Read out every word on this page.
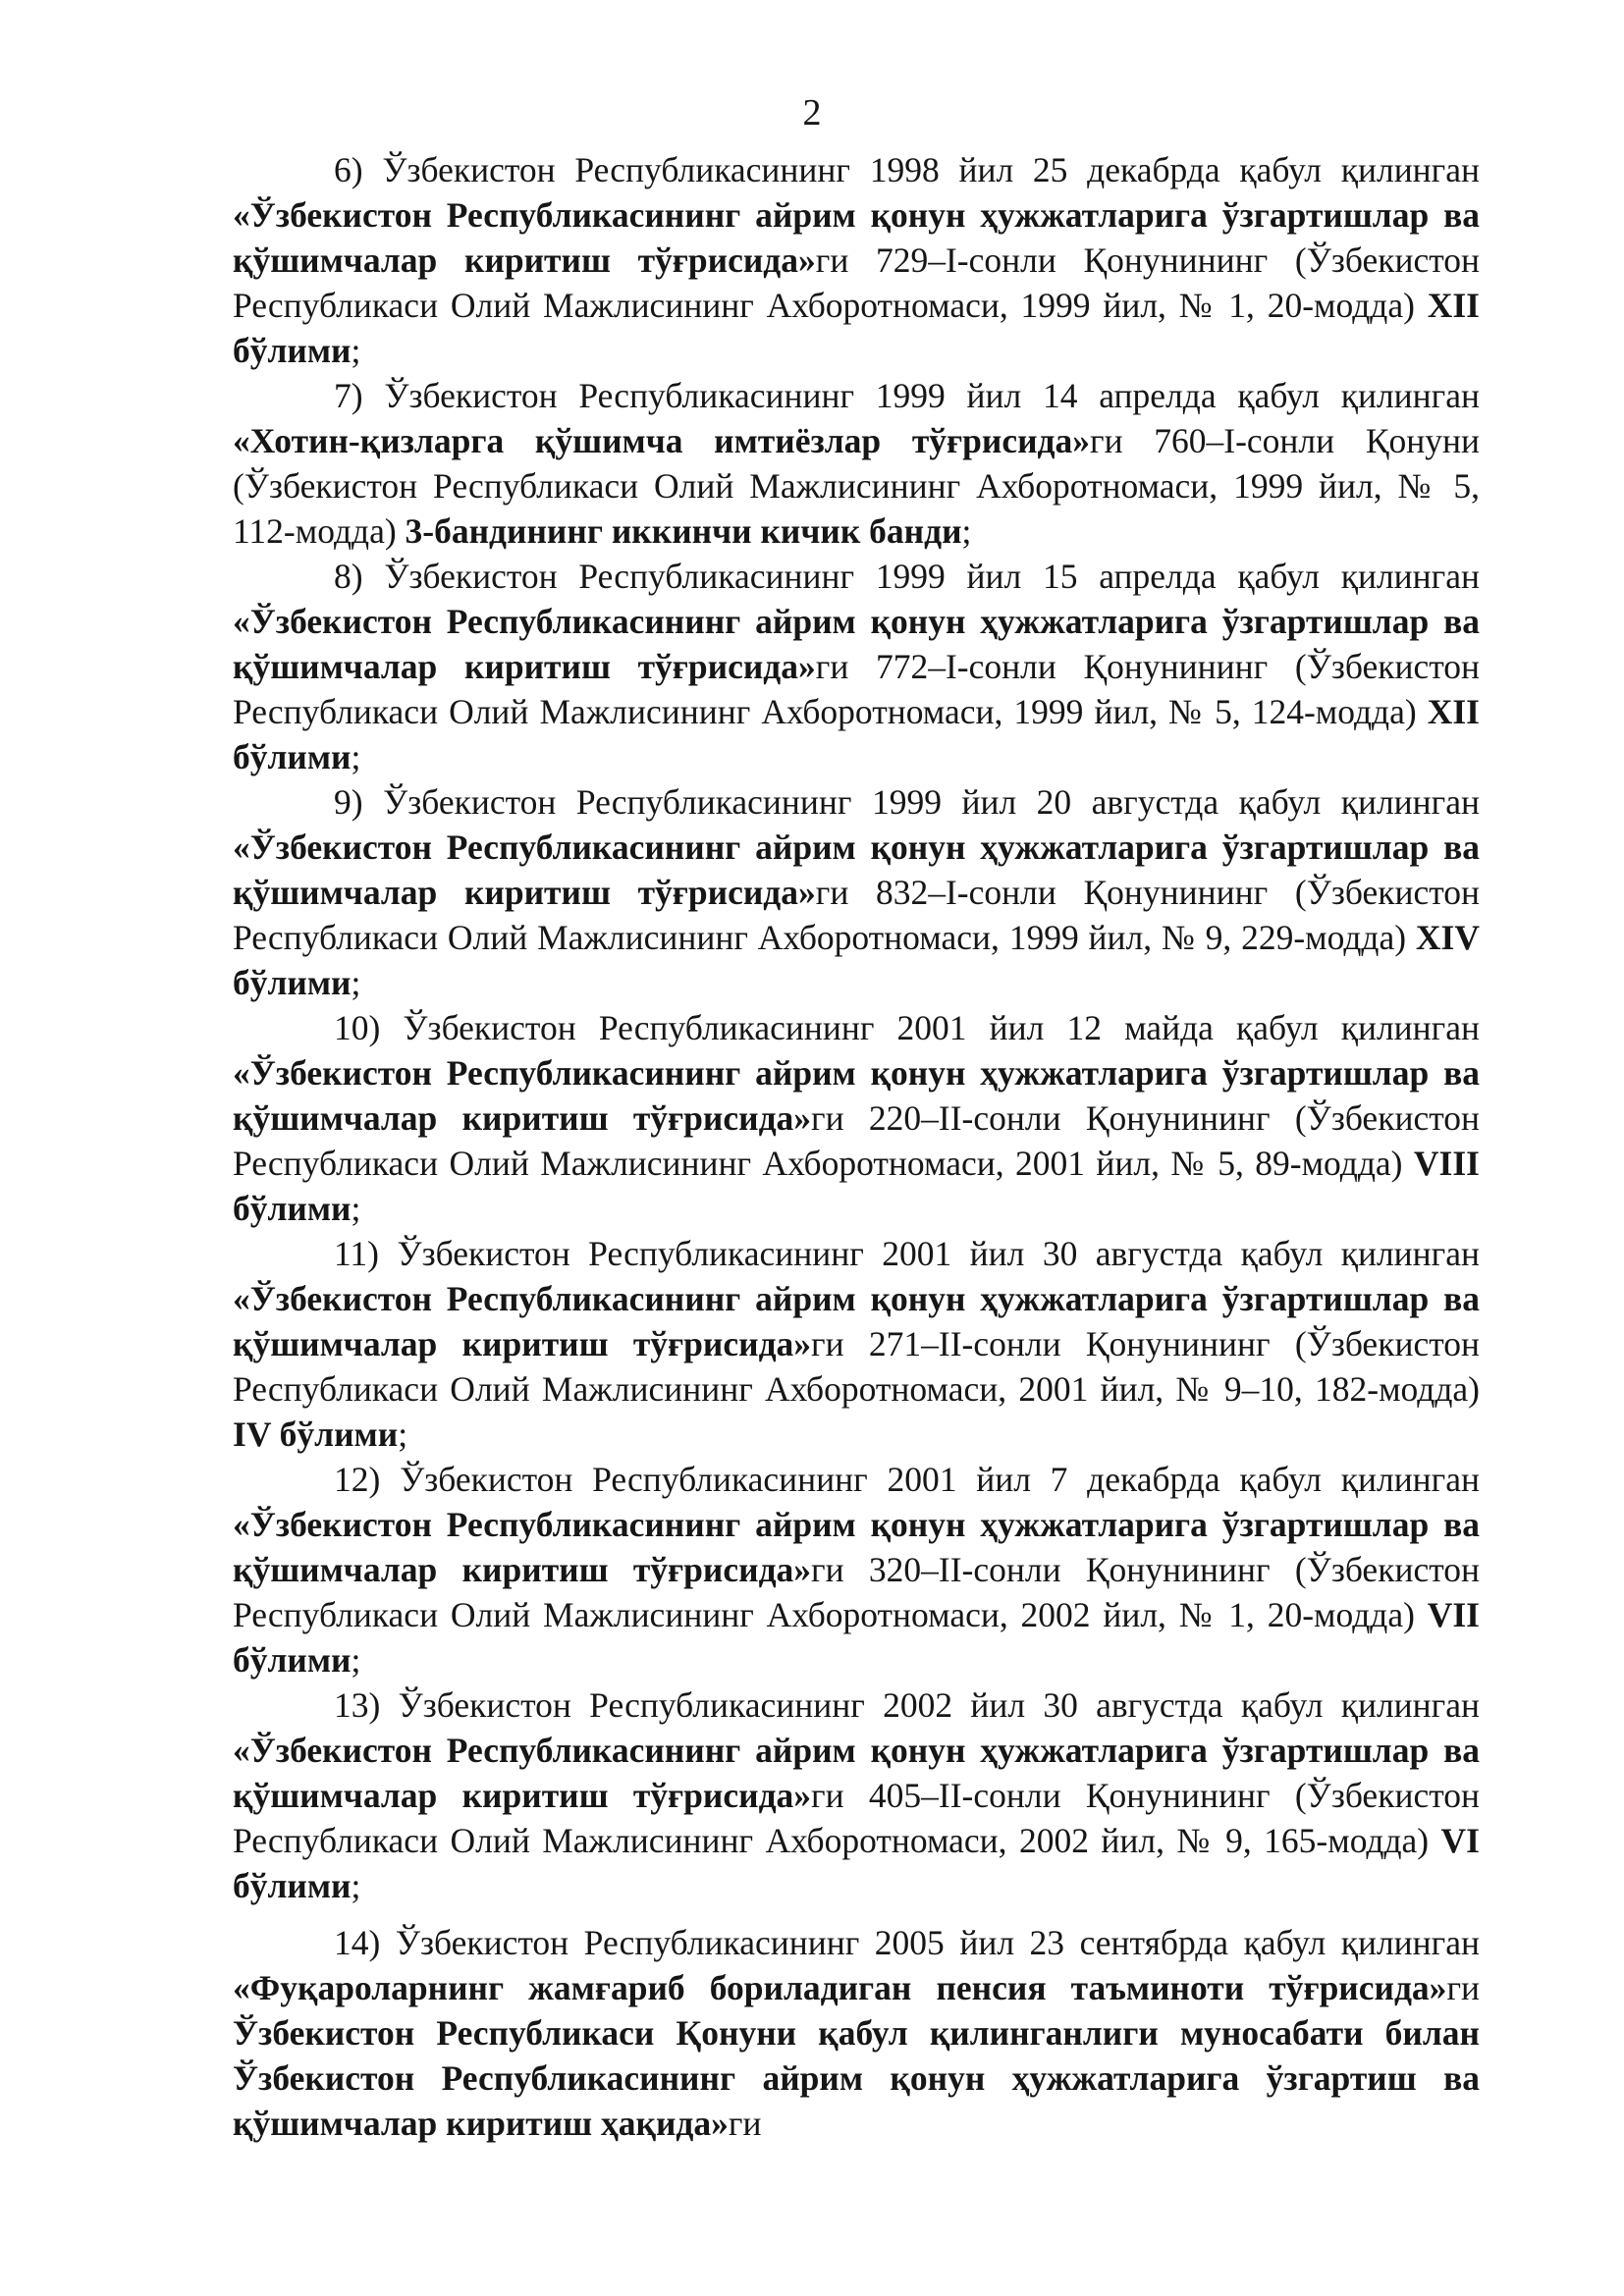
2

6) Ўзбекистон Республикасининг 1998 йил 25 декабрда қабул қилинган «Ўзбекистон Республикасининг айрим қонун ҳужжатларига ўзгартишлар ва қўшимчалар киритиш тўғрисида»ги 729–I-сонли Қонунининг (Ўзбекистон Республикаси Олий Мажлисининг Ахборотномаси, 1999 йил, № 1, 20-модда) XII бўлими;

7) Ўзбекистон Республикасининг 1999 йил 14 апрелда қабул қилинган «Хотин-қизларга қўшимча имтиёзлар тўғрисида»ги 760–I-сонли Қонуни (Ўзбекистон Республикаси Олий Мажлисининг Ахборотномаси, 1999 йил, № 5, 112-модда) 3-бандининг иккинчи кичик банди;

8) Ўзбекистон Республикасининг 1999 йил 15 апрелда қабул қилинган «Ўзбекистон Республикасининг айрим қонун ҳужжатларига ўзгартишлар ва қўшимчалар киритиш тўғрисида»ги 772–I-сонли Қонунининг (Ўзбекистон Республикаси Олий Мажлисининг Ахборотномаси, 1999 йил, № 5, 124-модда) XII бўлими;

9) Ўзбекистон Республикасининг 1999 йил 20 августда қабул қилинган «Ўзбекистон Республикасининг айрим қонун ҳужжатларига ўзгартишлар ва қўшимчалар киритиш тўғрисида»ги 832–I-сонли Қонунининг (Ўзбекистон Республикаси Олий Мажлисининг Ахборотномаси, 1999 йил, № 9, 229-модда) XIV бўлими;

10) Ўзбекистон Республикасининг 2001 йил 12 майда қабул қилинган «Ўзбекистон Республикасининг айрим қонун ҳужжатларига ўзгартишлар ва қўшимчалар киритиш тўғрисида»ги 220–II-сонли Қонунининг (Ўзбекистон Республикаси Олий Мажлисининг Ахборотномаси, 2001 йил, № 5, 89-модда) VIII бўлими;

11) Ўзбекистон Республикасининг 2001 йил 30 августда қабул қилинган «Ўзбекистон Республикасининг айрим қонун ҳужжатларига ўзгартишлар ва қўшимчалар киритиш тўғрисида»ги 271–II-сонли Қонунининг (Ўзбекистон Республикаси Олий Мажлисининг Ахборотномаси, 2001 йил, № 9–10, 182-модда) IV бўлими;

12) Ўзбекистон Республикасининг 2001 йил 7 декабрда қабул қилинган «Ўзбекистон Республикасининг айрим қонун ҳужжатларига ўзгартишлар ва қўшимчалар киритиш тўғрисида»ги 320–II-сонли Қонунининг (Ўзбекистон Республикаси Олий Мажлисининг Ахборотномаси, 2002 йил, № 1, 20-модда) VII бўлими;

13) Ўзбекистон Республикасининг 2002 йил 30 августда қабул қилинган «Ўзбекистон Республикасининг айрим қонун ҳужжатларига ўзгартишлар ва қўшимчалар киритиш тўғрисида»ги 405–II-сонли Қонунининг (Ўзбекистон Республикаси Олий Мажлисининг Ахборотномаси, 2002 йил, № 9, 165-модда) VI бўлими;

14) Ўзбекистон Республикасининг 2005 йил 23 сентябрда қабул қилинган «Фуқароларнинг жамғариб бориладиган пенсия таъминоти тўғрисида»ги Ўзбекистон Республикаси Қонуни қабул қилинганлиги муносабати билан Ўзбекистон Республикасининг айрим қонун ҳужжатларига ўзгартиш ва қўшимчалар киритиш ҳақида»ги
